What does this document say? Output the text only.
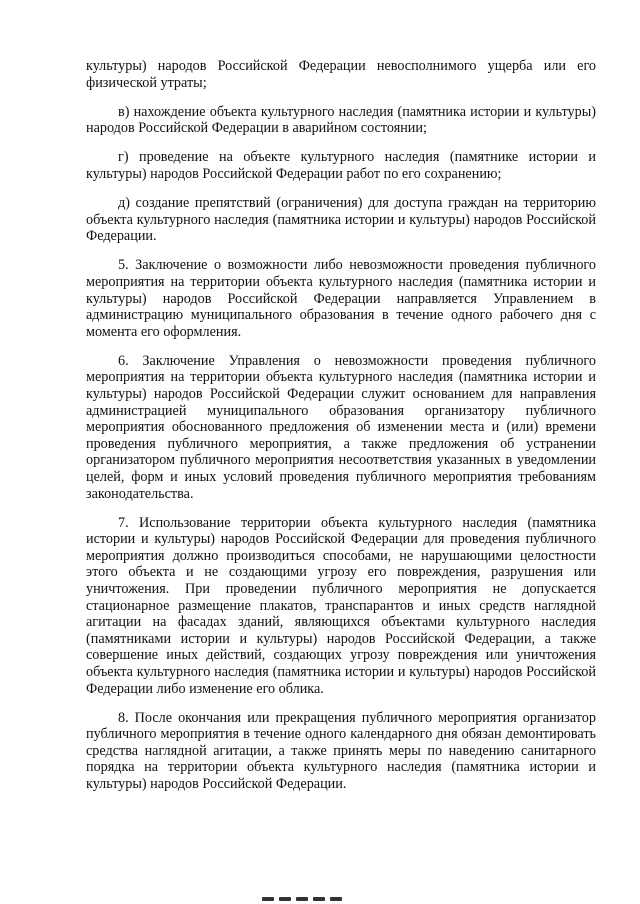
культуры) народов Российской Федерации невосполнимого ущерба или его физической утраты;

в) нахождение объекта культурного наследия (памятника истории и культуры) народов Российской Федерации в аварийном состоянии;

г) проведение на объекте культурного наследия (памятнике истории и культуры) народов Российской Федерации работ по его сохранению;

д) создание препятствий (ограничения) для доступа граждан на территорию объекта культурного наследия (памятника истории и культуры) народов Российской Федерации.

5. Заключение о возможности либо невозможности проведения публичного мероприятия на территории объекта культурного наследия (памятника истории и культуры) народов Российской Федерации направляется Управлением в администрацию муниципального образования в течение одного рабочего дня с момента его оформления.

6. Заключение Управления о невозможности проведения публичного мероприятия на территории объекта культурного наследия (памятника истории и культуры) народов Российской Федерации служит основанием для направления администрацией муниципального образования организатору публичного мероприятия обоснованного предложения об изменении места и (или) времени проведения публичного мероприятия, а также предложения об устранении организатором публичного мероприятия несоответствия указанных в уведомлении целей, форм и иных условий проведения публичного мероприятия требованиям законодательства.

7. Использование территории объекта культурного наследия (памятника истории и культуры) народов Российской Федерации для проведения публичного мероприятия должно производиться способами, не нарушающими целостности этого объекта и не создающими угрозу его повреждения, разрушения или уничтожения. При проведении публичного мероприятия не допускается стационарное размещение плакатов, транспарантов и иных средств наглядной агитации на фасадах зданий, являющихся объектами культурного наследия (памятниками истории и культуры) народов Российской Федерации, а также совершение иных действий, создающих угрозу повреждения или уничтожения объекта культурного наследия (памятника истории и культуры) народов Российской Федерации либо изменение его облика.

8. После окончания или прекращения публичного мероприятия организатор публичного мероприятия в течение одного календарного дня обязан демонтировать средства наглядной агитации, а также принять меры по наведению санитарного порядка на территории объекта культурного наследия (памятника истории и культуры) народов Российской Федерации.
